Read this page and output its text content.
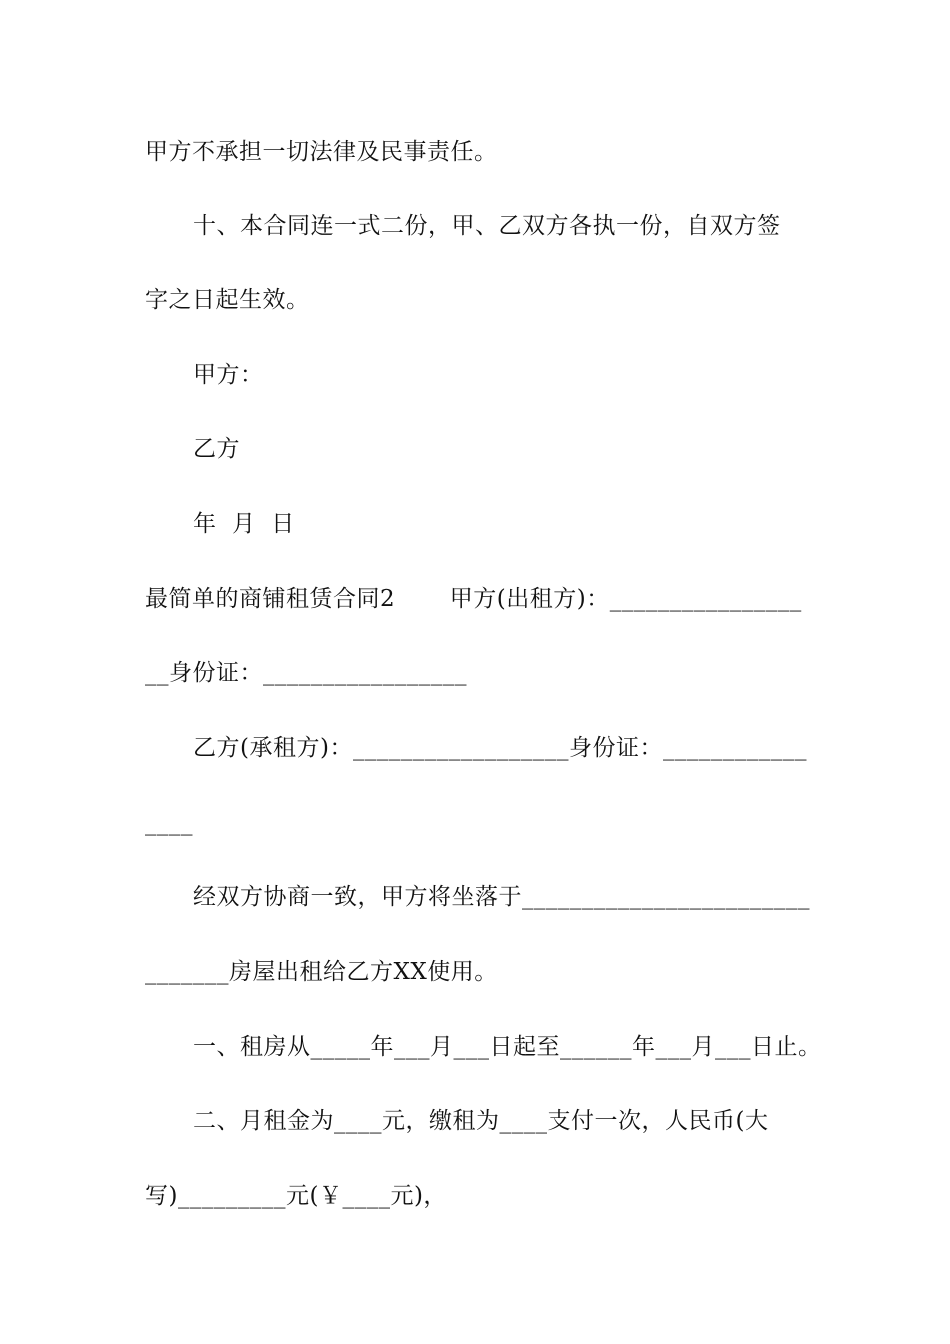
甲方不承担一切法律及民事责任。
十、本合同连一式二份，甲、乙双方各执一份，自双方签
字之日起生效。
甲方：
乙方
年  月  日
最简单的商铺租赁合同2       甲方(出租方)：________________
__身份证：_________________
乙方(承租方)：__________________身份证：____________
____
经双方协商一致，甲方将坐落于________________________
_______房屋出租给乙方XX使用。
一、租房从_____年___月___日起至______年___月___日止。
二、月租金为____元，缴租为____支付一次，人民币(大
写)_________元(￥____元)，
